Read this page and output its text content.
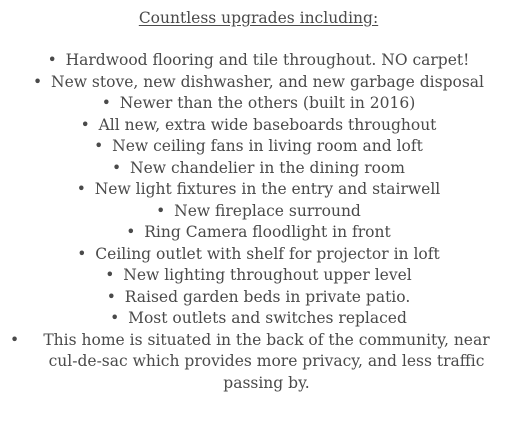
Countless upgrades including:
• Hardwood flooring and tile throughout. NO carpet!
• New stove, new dishwasher, and new garbage disposal
• Newer than the others (built in 2016)
• All new, extra wide baseboards throughout
• New ceiling fans in living room and loft
• New chandelier in the dining room
• New light fixtures in the entry and stairwell
• New fireplace surround
• Ring Camera floodlight in front
• Ceiling outlet with shelf for projector in loft
• New lighting throughout upper level
• Raised garden beds in private patio.
• Most outlets and switches replaced
•	This home is situated in the back of the community, near cul-de-sac which provides more privacy, and less traffic passing by.
